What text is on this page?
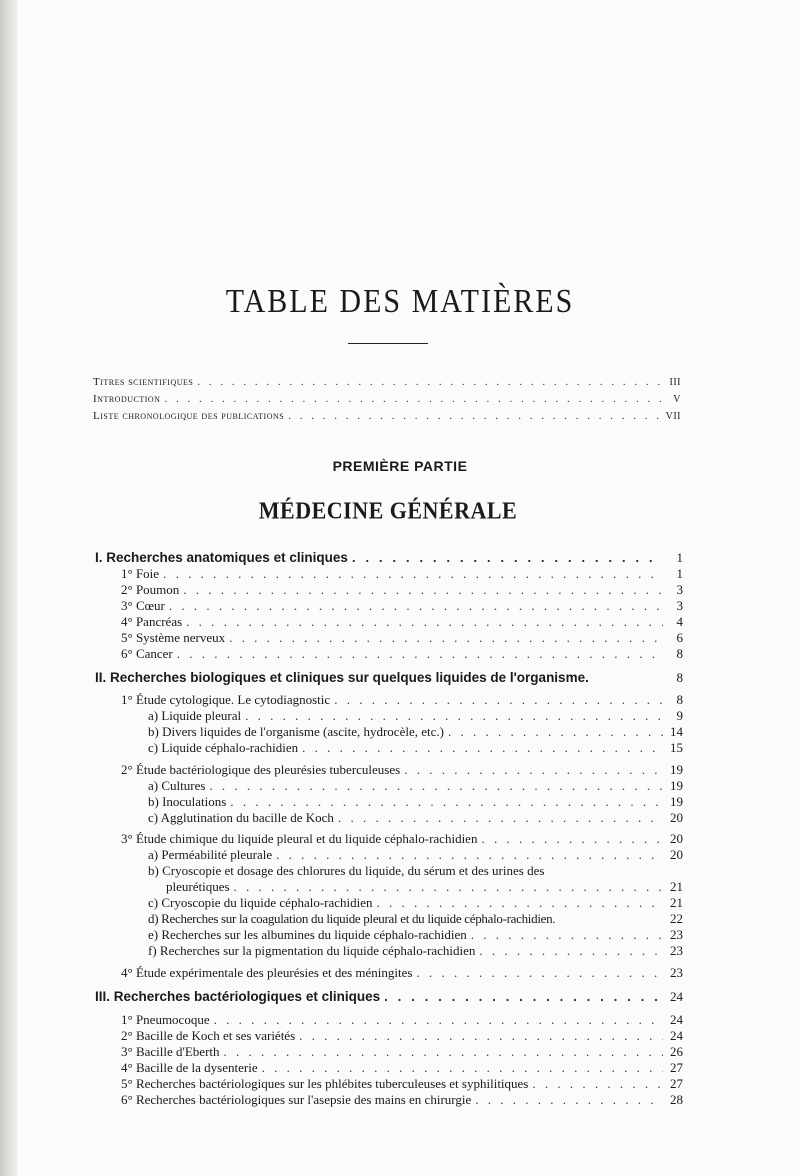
TABLE DES MATIÈRES
Titres scientifiques . . .	III
Introduction . . .	V
Liste chronologique des publications . . .	VII
PREMIÈRE PARTIE
MÉDECINE GÉNÉRALE
I. Recherches anatomiques et cliniques . . .	1
1° Foie . . .	1
2° Poumon . . .	3
3° Cœur . . .	3
4° Pancréas . . .	4
5° Système nerveux . . .	6
6° Cancer . . .	8
II. Recherches biologiques et cliniques sur quelques liquides de l'organisme.	8
1° Étude cytologique. Le cytodiagnostic . . .	8
a) Liquide pleural . . .	9
b) Divers liquides de l'organisme (ascite, hydrocèle, etc.) . . .	14
c) Liquide céphalo-rachidien . . .	15
2° Étude bactériologique des pleurésies tuberculeuses . . .	19
a) Cultures . . .	19
b) Inoculations . . .	19
c) Agglutination du bacille de Koch . . .	20
3° Étude chimique du liquide pleural et du liquide céphalo-rachidien . . .	20
a) Perméabilité pleurale . . .	20
b) Cryoscopie et dosage des chlorures du liquide, du sérum et des urines des
pleurétiques . . .	21
c) Cryoscopie du liquide céphalo-rachidien . . .	21
d) Recherches sur la coagulation du liquide pleural et du liquide céphalo-rachidien.	22
e) Recherches sur les albumines du liquide céphalo-rachidien . . .	23
f) Recherches sur la pigmentation du liquide céphalo-rachidien . . .	23
4° Étude expérimentale des pleurésies et des méningites . . .	23
III. Recherches bactériologiques et cliniques . . .	24
1° Pneumocoque . . .	24
2° Bacille de Koch et ses variétés . . .	24
3° Bacille d'Eberth . . .	26
4° Bacille de la dysenterie . . .	27
5° Recherches bactériologiques sur les phlébites tuberculeuses et syphilitiques . . .	27
6° Recherches bactériologiques sur l'asepsie des mains en chirurgie . . .	28
